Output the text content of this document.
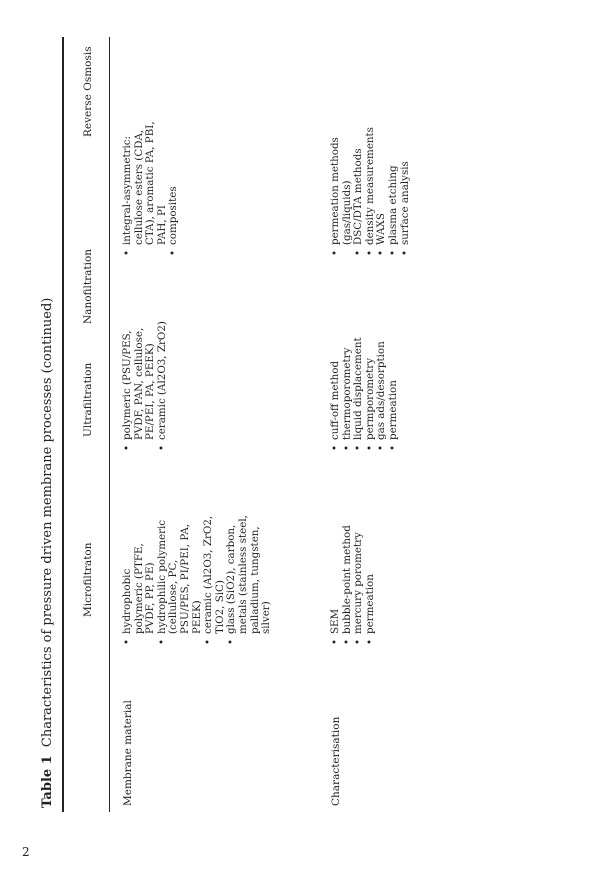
2
Table 1 Characteristics of pressure driven membrane processes (continued)	Microfiltraton
Ultrafiltration
Nanofiltration
Reverse Osmosis
Membrane material
• hydrophobic polymeric (PTFE, PVDF, PP, PE) • hydrophilic polymeric (cellulose, PC, PSU/PES, PI/PEI, PA, PEEK) • ceramic (Al2O3, ZrO2, TiO2, SiC) • glass (SiO2), carbon, metals (stainless steel, palladium, tungsten, silver)
• polymeric (PSU/PES, PVDF, PAN, cellulose, PE/PEI, PA, PEEK) • ceramic (Al2O3, ZrO2)
• integral-asymmetric: cellulose esters (CDA, CTA), aromatic PA, PBI, PAH, PI • composites
Characterisation
• SEM • bubble-point method • mercury porometry • permeation
• cuff-off method • thermoporometry • liquid displacement • permporometry • gas ads/desorption • permeation
• permeation methods (gas/liquids) • DSC/DTA methods • density measurements • WAXS • plasma etching • surface analysis
